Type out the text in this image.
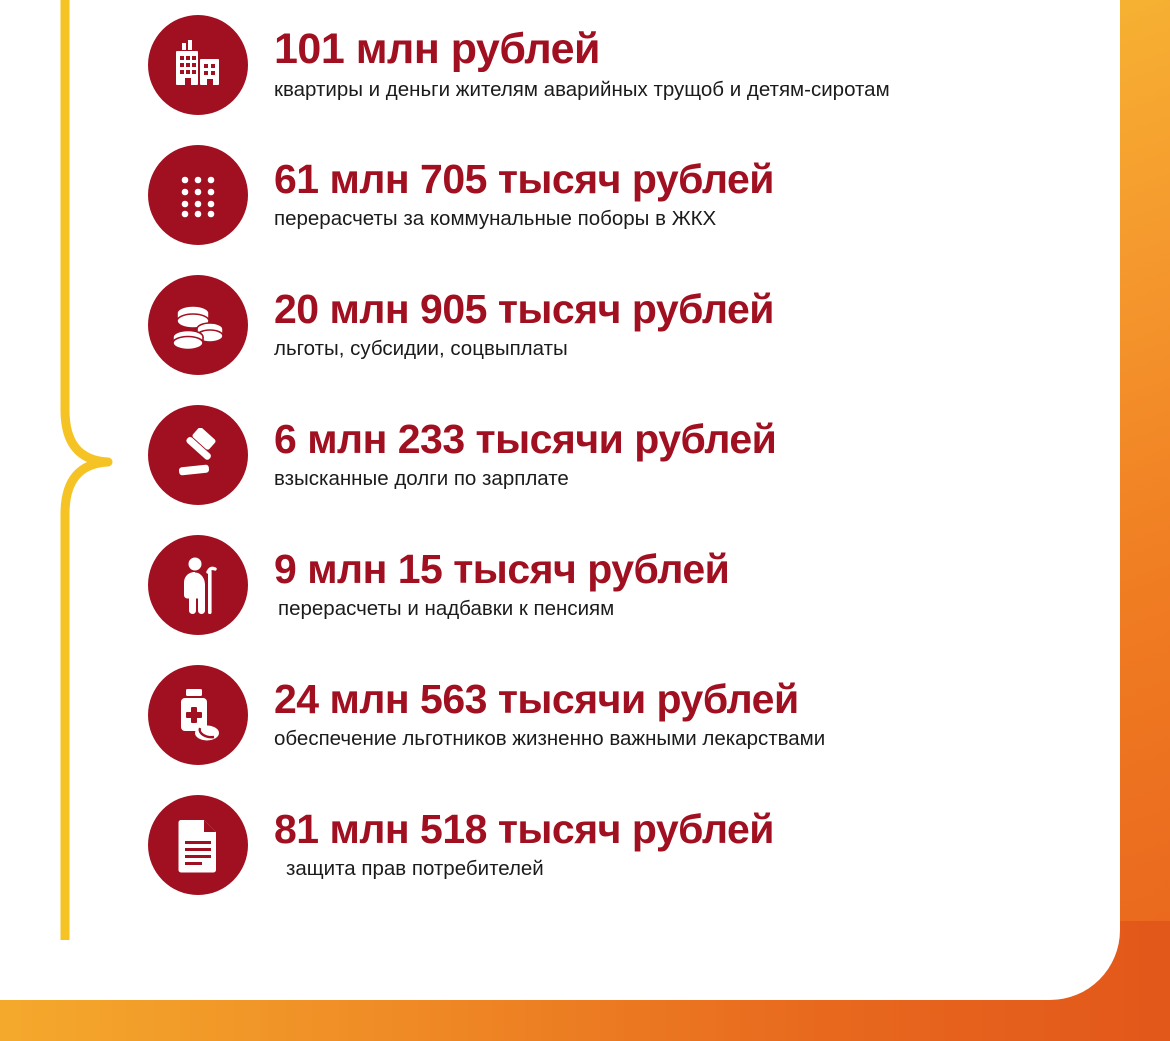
101 млн рублей
квартиры и деньги жителям аварийных трущоб и детям-сиротам
61 млн 705 тысяч рублей
перерасчеты за коммунальные поборы в ЖКХ
20 млн 905 тысяч рублей
льготы, субсидии, соцвыплаты
6 млн 233 тысячи рублей
взысканные долги по зарплате
9 млн 15 тысяч рублей
перерасчеты и надбавки к пенсиям
24 млн 563 тысячи рублей
обеспечение льготников жизненно важными лекарствами
81 млн 518 тысяч рублей
защита прав потребителей
